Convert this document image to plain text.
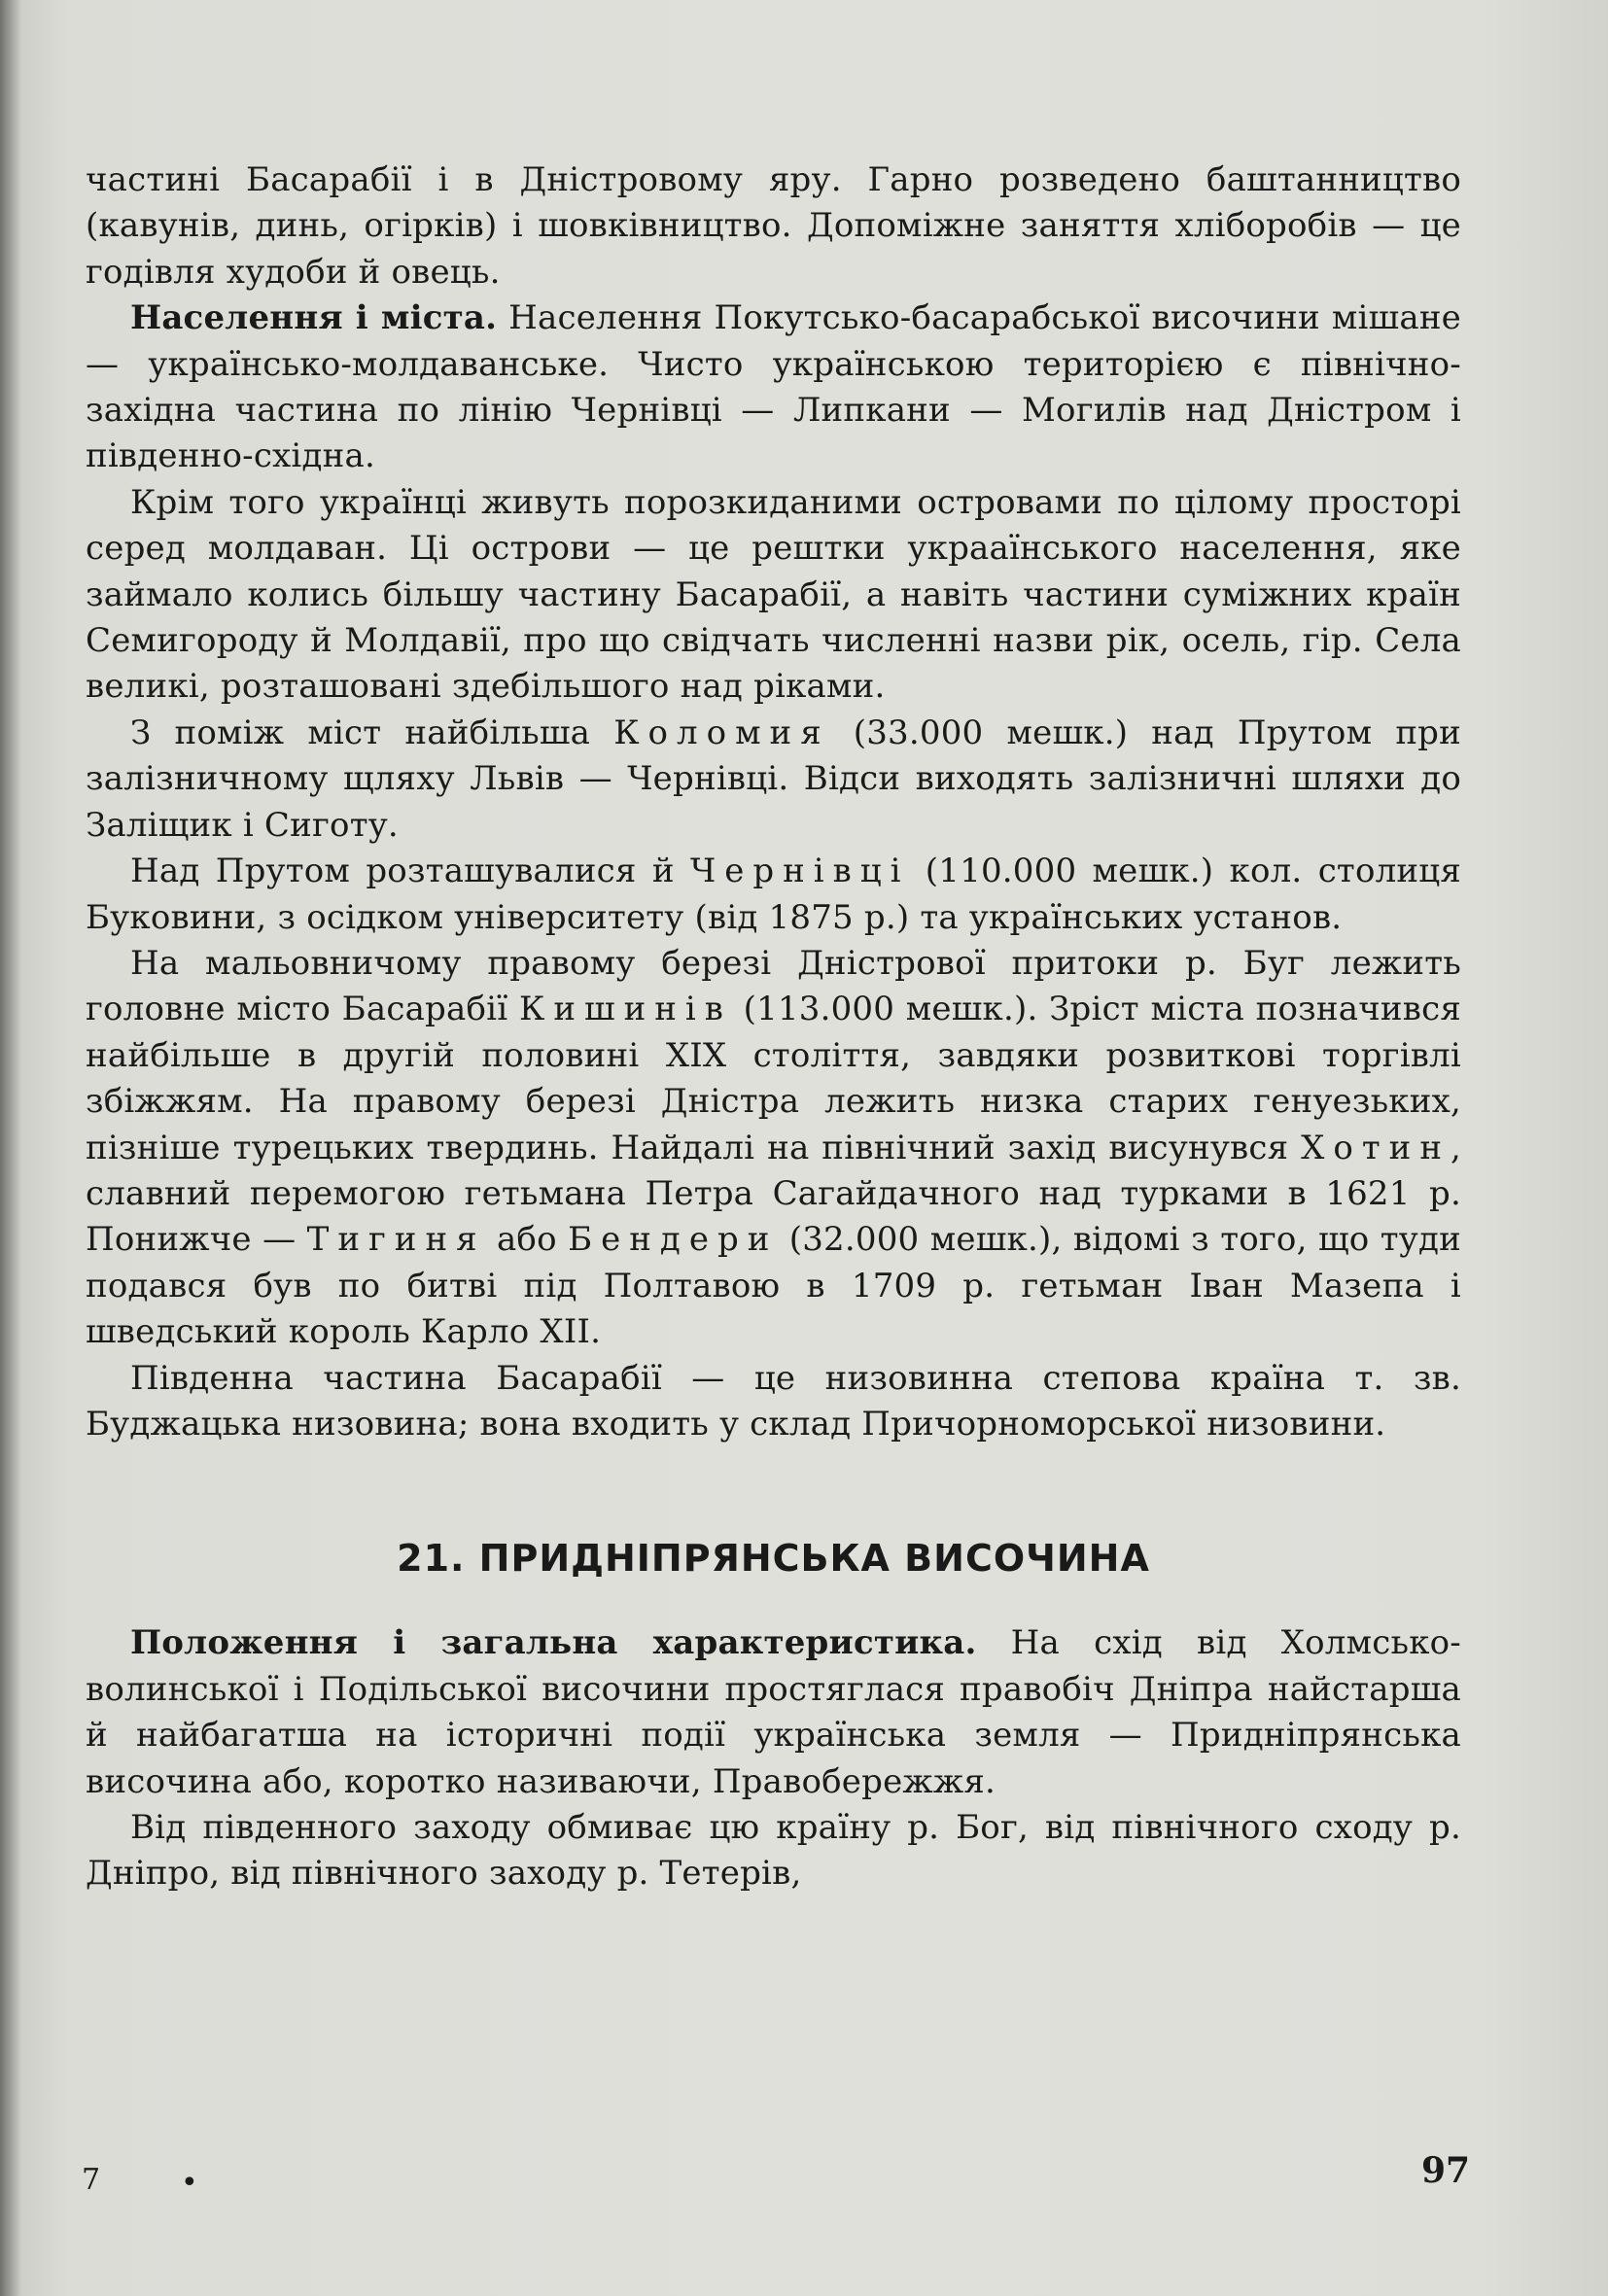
частині Басарабії і в Дністровому яру. Гарно розведено баштанництво (кавунів, динь, огірків) і шовківництво. Допоміжне заняття хліборобів — це годівля худоби й овець.

Населення і міста. Населення Покутсько-басарабської височини мішане — українсько-молдаванське. Чисто українською територією є північно-західна частина по лінію Чернівці — Липкани — Могилів над Дністром і південно-східна.

Крім того українці живуть порозкиданими островами по цілому просторі серед молдаван. Ці острови — це рештки украаїнського населення, яке займало колись більшу частину Басарабії, а навіть частини суміжних країн Семигороду й Молдавії, про що свідчать численні назви рік, осель, гір. Села великі, розташовані здебільшого над ріками.

З поміж міст найбільша Коломия (33.000 мешк.) над Прутом при залізничному щляху Львів — Чернівці. Відси виходять залізничні шляхи до Заліщик і Сиготу.

Над Прутом розташувалися й Чернівці (110.000 мешк.) кол. столиця Буковини, з осідком університету (від 1875 р.) та українських установ.

На мальовничому правому березі Дністрової притоки р. Буг лежить головне місто Басарабії Кишинів (113.000 мешк.). Зріст міста позначився найбільше в другій половині XIX століття, завдяки розвиткові торгівлі збіжжям. На правому березі Дністра лежить низка старих генуезьких, пізніше турецьких твердинь. Найдалі на північний захід висунувся Хотин, славний перемогою гетьмана Петра Сагайдачного над турками в 1621 р. Понижче — Тигиня або Бендери (32.000 мешк.), відомі з того, що туди подався був по битві під Полтавою в 1709 р. гетьман Іван Мазепа і шведський король Карло XII.

Південна частина Басарабії — це низовинна степова країна т. зв. Буджацька низовина; вона входить у склад Причорноморської низовини.

21. ПРИДНІПРЯНСЬКА ВИСОЧИНА

Положення і загальна характеристика. На схід від Холмсько-волинської і Подільської височини простяглася правобіч Дніпра найстарша й найбагатша на історичні події українська земля — Придніпрянська височина або, коротко називаючи, Правобережжя.

Від південного заходу обмиває цю країну р. Бог, від північного сходу р. Дніпро, від північного заходу р. Тетерів,

7	•	97
